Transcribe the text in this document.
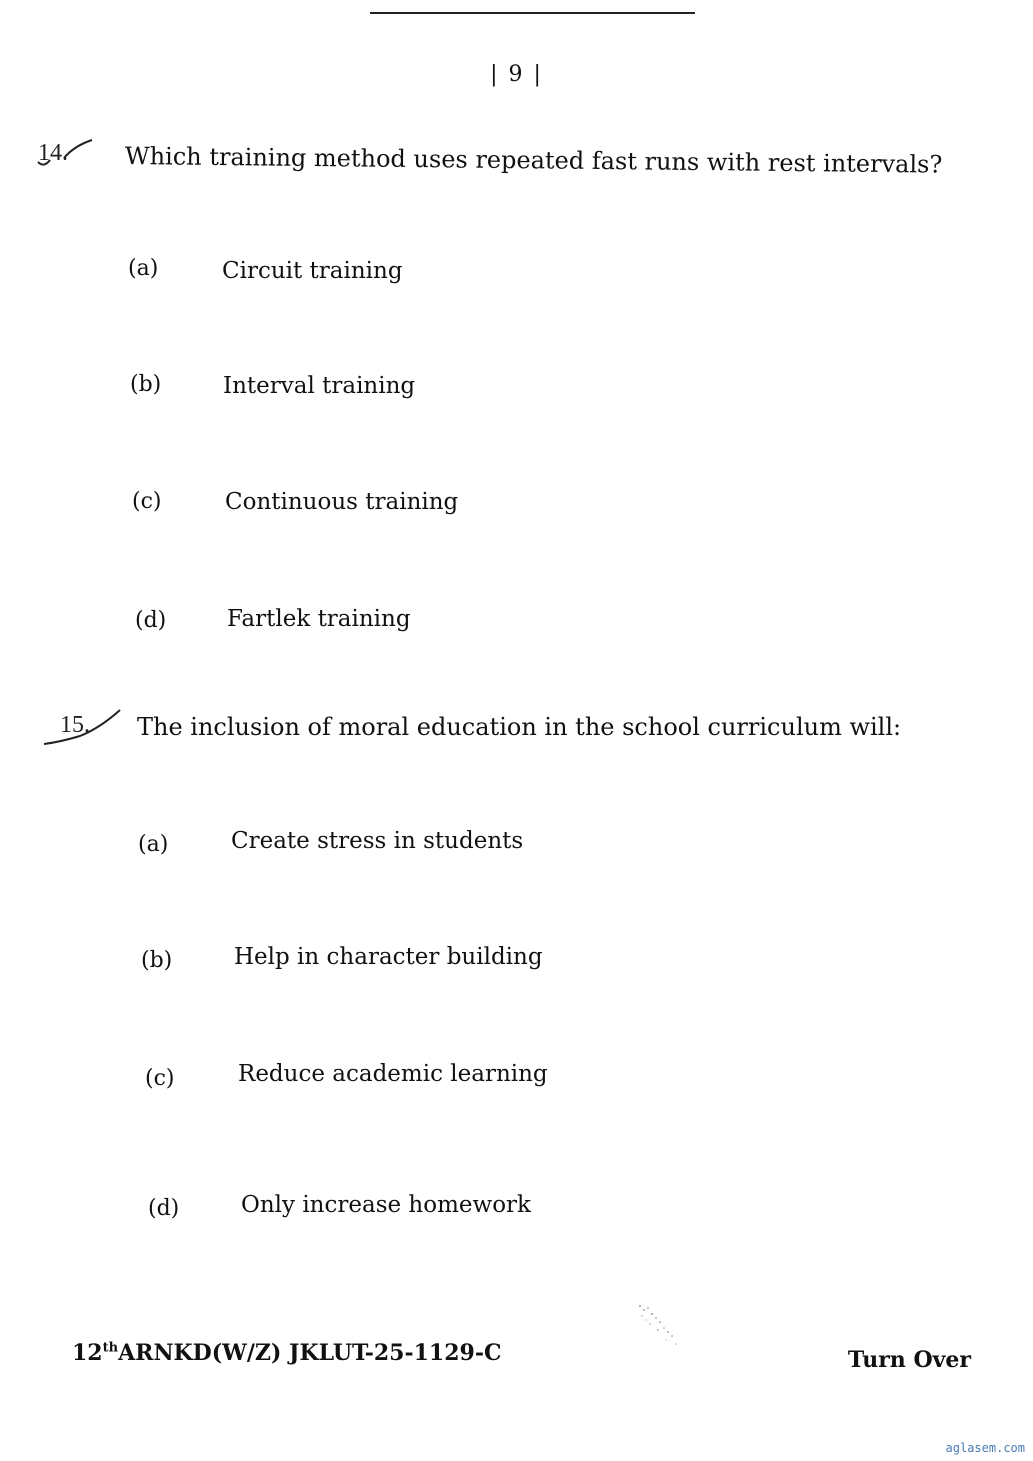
| 9 |
14. Which training method uses repeated fast runs with rest intervals?
(a)	Circuit training
(b)	Interval training
(c)	Continuous training
(d)	Fartlek training
15. The inclusion of moral education in the school curriculum will:
(a)	Create stress in students
(b)	Help in character building
(c)	Reduce academic learning
(d)	Only increase homework
12thARNKD(W/Z) JKLUT-25-1129-C	Turn Over
aglasem.com
